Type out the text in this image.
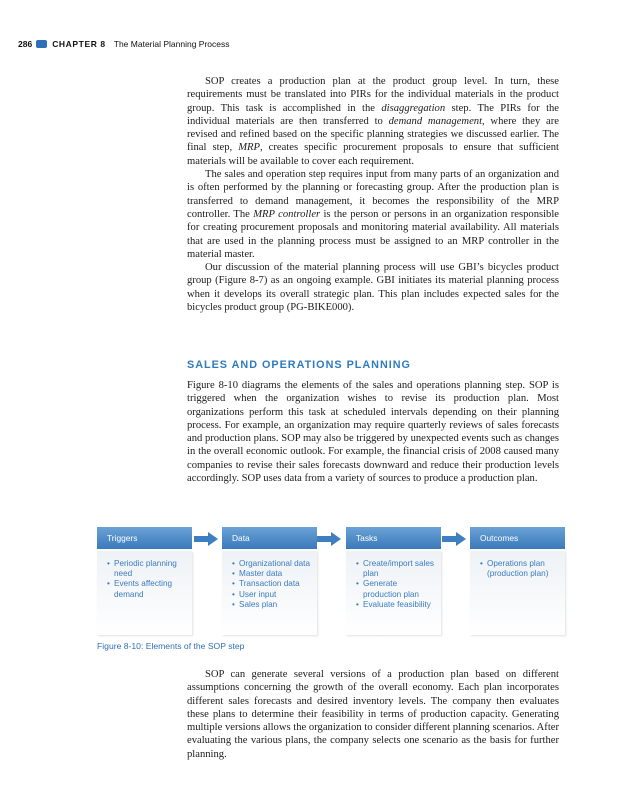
286 CHAPTER 8 The Material Planning Process

SOP creates a production plan at the product group level. In turn, these requirements must be translated into PIRs for the individual materials in the product group. This task is accomplished in the disaggregation step. The PIRs for the individual materials are then transferred to demand management, where they are revised and refined based on the specific planning strategies we discussed earlier. The final step, MRP, creates specific procurement proposals to ensure that sufficient materials will be available to cover each requirement.

The sales and operation step requires input from many parts of an organization and is often performed by the planning or forecasting group. After the production plan is transferred to demand management, it becomes the responsibility of the MRP controller. The MRP controller is the person or persons in an organization responsible for creating procurement proposals and monitoring material availability. All materials that are used in the planning process must be assigned to an MRP controller in the material master.

Our discussion of the material planning process will use GBI’s bicycles product group (Figure 8-7) as an ongoing example. GBI initiates its material planning process when it develops its overall strategic plan. This plan includes expected sales for the bicycles product group (PG-BIKE000).

SALES AND OPERATIONS PLANNING

Figure 8-10 diagrams the elements of the sales and operations planning step. SOP is triggered when the organization wishes to revise its production plan. Most organizations perform this task at scheduled intervals depending on their planning process. For example, an organization may require quarterly reviews of sales forecasts and production plans. SOP may also be triggered by unexpected events such as changes in the overall economic outlook. For example, the financial crisis of 2008 caused many companies to revise their sales forecasts downward and reduce their production levels accordingly. SOP uses data from a variety of sources to produce a production plan.

Triggers
• Periodic planning need
• Events affecting demand
Data
• Organizational data
• Master data
• Transaction data
• User input
• Sales plan
Tasks
• Create/import sales plan
• Generate production plan
• Evaluate feasibility
Outcomes
• Operations plan (production plan)
Figure 8-10: Elements of the SOP step

SOP can generate several versions of a production plan based on different assumptions concerning the growth of the overall economy. Each plan incorporates different sales forecasts and desired inventory levels. The company then evaluates these plans to determine their feasibility in terms of production capacity. Generating multiple versions allows the organization to consider different planning scenarios. After evaluating the various plans, the company selects one scenario as the basis for further planning.
